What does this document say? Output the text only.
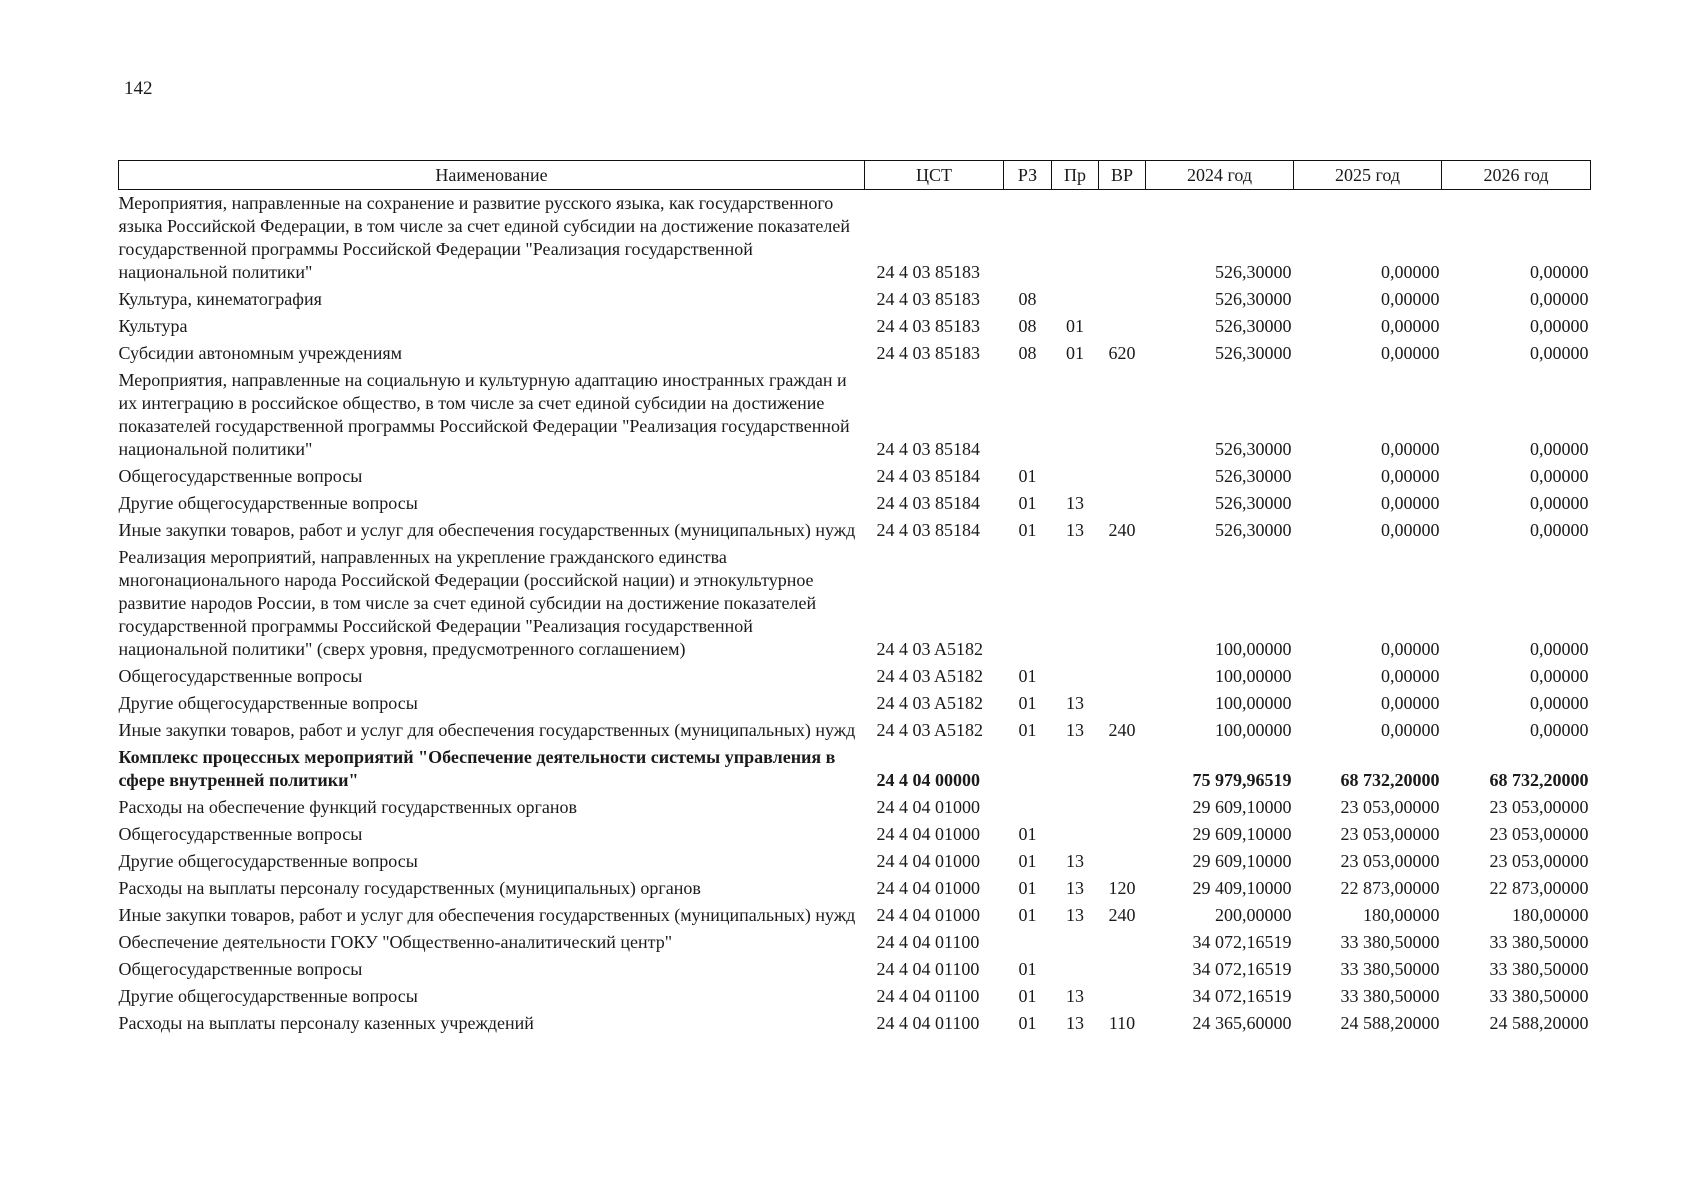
142
Наименование	ЦСТ	РЗ	Пр	ВР	2024 год	2025 год	2026 год
Мероприятия, направленные на сохранение и развитие русского языка, как государственного языка Российской Федерации, в том числе за счет единой субсидии на достижение показателей государственной программы Российской Федерации "Реализация государственной национальной политики"	24 4 03 85183				526,30000	0,00000	0,00000
Культура, кинематография	24 4 03 85183	08			526,30000	0,00000	0,00000
Культура	24 4 03 85183	08	01		526,30000	0,00000	0,00000
Субсидии автономным учреждениям	24 4 03 85183	08	01	620	526,30000	0,00000	0,00000
Мероприятия, направленные на социальную и культурную адаптацию иностранных граждан и их интеграцию в российское общество, в том числе за счет единой субсидии на достижение показателей государственной программы Российской Федерации "Реализация государственной национальной политики"	24 4 03 85184				526,30000	0,00000	0,00000
Общегосударственные вопросы	24 4 03 85184	01			526,30000	0,00000	0,00000
Другие общегосударственные вопросы	24 4 03 85184	01	13		526,30000	0,00000	0,00000
Иные закупки товаров, работ и услуг для обеспечения государственных (муниципальных) нужд	24 4 03 85184	01	13	240	526,30000	0,00000	0,00000
Реализация мероприятий, направленных на укрепление гражданского единства многонационального народа Российской Федерации (российской нации) и этнокультурное развитие народов России, в том числе за счет единой субсидии на достижение показателей государственной программы Российской Федерации "Реализация государственной национальной политики" (сверх уровня, предусмотренного соглашением)	24 4 03 A5182				100,00000	0,00000	0,00000
Общегосударственные вопросы	24 4 03 A5182	01			100,00000	0,00000	0,00000
Другие общегосударственные вопросы	24 4 03 A5182	01	13		100,00000	0,00000	0,00000
Иные закупки товаров, работ и услуг для обеспечения государственных (муниципальных) нужд	24 4 03 A5182	01	13	240	100,00000	0,00000	0,00000
Комплекс процессных мероприятий "Обеспечение деятельности системы управления в сфере внутренней политики"	24 4 04 00000				75 979,96519	68 732,20000	68 732,20000
Расходы на обеспечение функций государственных органов	24 4 04 01000				29 609,10000	23 053,00000	23 053,00000
Общегосударственные вопросы	24 4 04 01000	01			29 609,10000	23 053,00000	23 053,00000
Другие общегосударственные вопросы	24 4 04 01000	01	13		29 609,10000	23 053,00000	23 053,00000
Расходы на выплаты персоналу государственных (муниципальных) органов	24 4 04 01000	01	13	120	29 409,10000	22 873,00000	22 873,00000
Иные закупки товаров, работ и услуг для обеспечения государственных (муниципальных) нужд	24 4 04 01000	01	13	240	200,00000	180,00000	180,00000
Обеспечение деятельности ГОКУ "Общественно-аналитический центр"	24 4 04 01100				34 072,16519	33 380,50000	33 380,50000
Общегосударственные вопросы	24 4 04 01100	01			34 072,16519	33 380,50000	33 380,50000
Другие общегосударственные вопросы	24 4 04 01100	01	13		34 072,16519	33 380,50000	33 380,50000
Расходы на выплаты персоналу казенных учреждений	24 4 04 01100	01	13	110	24 365,60000	24 588,20000	24 588,20000
